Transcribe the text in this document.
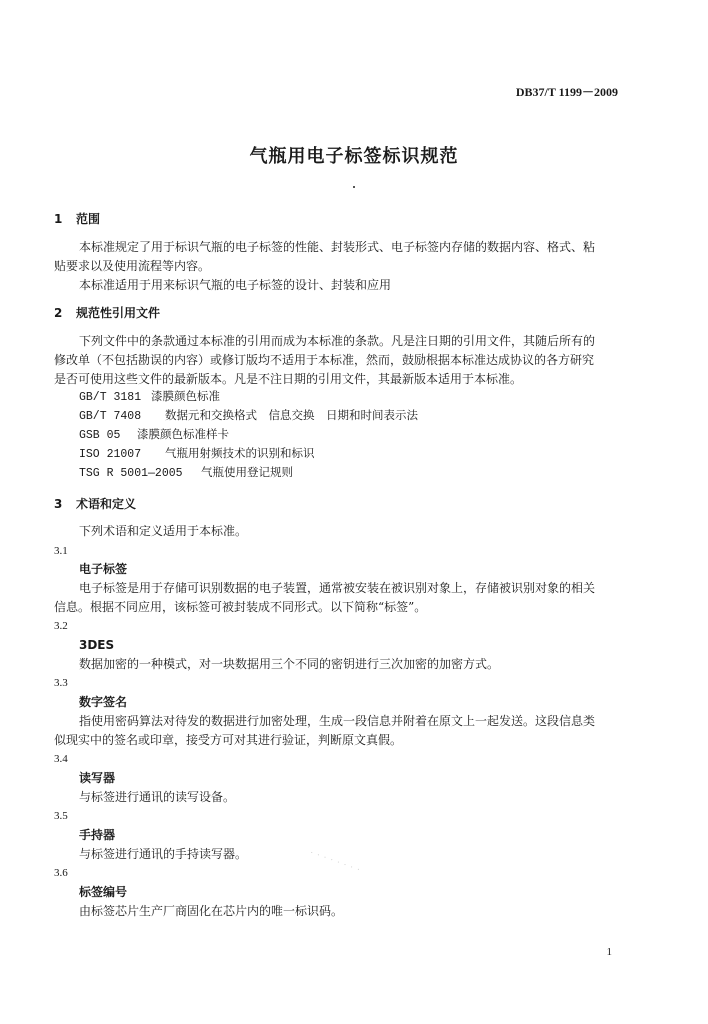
DB37/T 1199－2009
气瓶用电子标签标识规范
1 范围
本标准规定了用于标识气瓶的电子标签的性能、封装形式、电子标签内存储的数据内容、格式、粘
贴要求以及使用流程等内容。
本标准适用于用来标识气瓶的电子标签的设计、封装和应用
2 规范性引用文件
下列文件中的条款通过本标准的引用而成为本标准的条款。凡是注日期的引用文件，其随后所有的
修改单（不包括勘误的内容）或修订版均不适用于本标准，然而，鼓励根据本标准达成协议的各方研究
是否可使用这些文件的最新版本。凡是不注日期的引用文件，其最新版本适用于本标准。
GB/T 3181 漆膜颜色标准
GB/T 7408 数据元和交换格式　信息交换　日期和时间表示法
GSB 05 漆膜颜色标准样卡
ISO 21007 气瓶用射频技术的识别和标识
TSG R 5001—2005 气瓶使用登记规则
3 术语和定义
下列术语和定义适用于本标准。
3.1
电子标签
电子标签是用于存储可识别数据的电子装置，通常被安装在被识别对象上，存储被识别对象的相关
信息。根据不同应用，该标签可被封装成不同形式。以下简称“标签”。
3.2
3DES
数据加密的一种模式，对一块数据用三个不同的密钥进行三次加密的加密方式。
3.3
数字签名
指使用密码算法对待发的数据进行加密处理，生成一段信息并附着在原文上一起发送。这段信息类
似现实中的签名或印章，接受方可对其进行验证，判断原文真假。
3.4
读写器
与标签进行通讯的读写设备。
3.5
手持器
与标签进行通讯的手持读写器。
3.6
标签编号
由标签芯片生产厂商固化在芯片内的唯一标识码。
· · · · · · · ·
1
